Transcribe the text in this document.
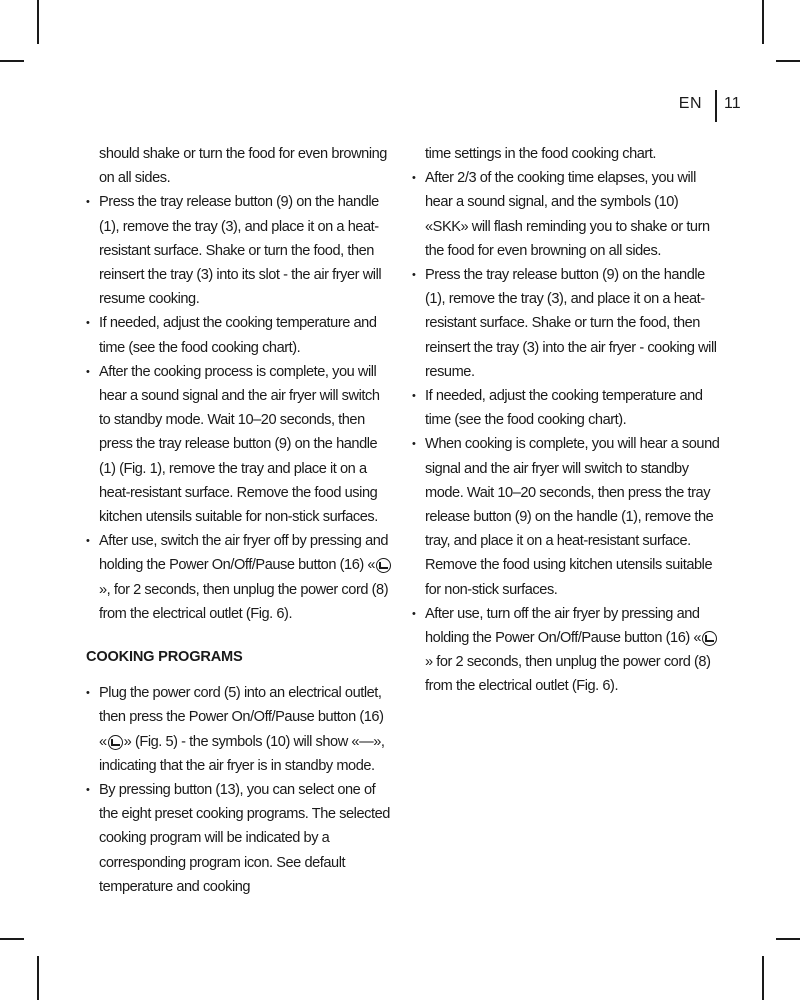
EN 11
should shake or turn the food for even browning on all sides.
• Press the tray release button (9) on the handle (1), remove the tray (3), and place it on a heat-resistant surface. Shake or turn the food, then reinsert the tray (3) into its slot - the air fryer will resume cooking.
• If needed, adjust the cooking temperature and time (see the food cooking chart).
• After the cooking process is complete, you will hear a sound signal and the air fryer will switch to standby mode. Wait 10–20 seconds, then press the tray release button (9) on the handle (1) (Fig. 1), remove the tray and place it on a heat-resistant surface. Remove the food using kitchen utensils suitable for non-stick surfaces.
• After use, switch the air fryer off by pressing and holding the Power On/Off/Pause button (16) «», for 2 seconds, then unplug the power cord (8) from the electrical outlet (Fig. 6).

COOKING PROGRAMS

• Plug the power cord (5) into an electrical outlet, then press the Power On/Off/Pause button (16) « » (Fig. 5) - the symbols (10) will show «—», indicating that the air fryer is in standby mode.
• By pressing button (13), you can select one of the eight preset cooking programs. The selected cooking program will be indicated by a corresponding program icon. See default temperature and cooking
time settings in the food cooking chart.
• After 2/3 of the cooking time elapses, you will hear a sound signal, and the symbols (10) «SKK» will flash reminding you to shake or turn the food for even browning on all sides.
• Press the tray release button (9) on the handle (1), remove the tray (3), and place it on a heat-resistant surface. Shake or turn the food, then reinsert the tray (3) into the air fryer - cooking will resume.
• If needed, adjust the cooking temperature and time (see the food cooking chart).
• When cooking is complete, you will hear a sound signal and the air fryer will switch to standby mode. Wait 10–20 seconds, then press the tray release button (9) on the handle (1), remove the tray, and place it on a heat-resistant surface. Remove the food using kitchen utensils suitable for non-stick surfaces.
• After use, turn off the air fryer by pressing and holding the Power On/Off/Pause button (16) «» for 2 seconds, then unplug the power cord (8) from the electrical outlet (Fig. 6).
